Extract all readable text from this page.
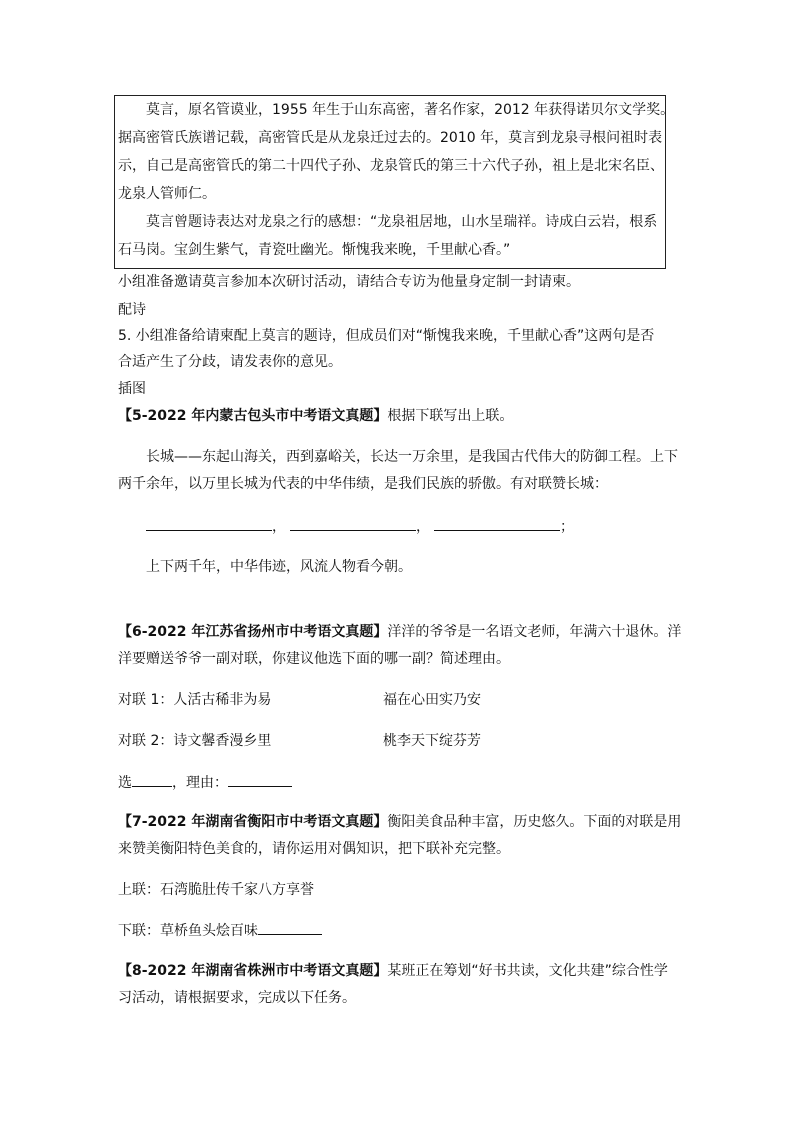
莫言，原名管谟业，1955 年生于山东高密，著名作家，2012 年获得诺贝尔文学奖。
据高密管氏族谱记载，高密管氏是从龙泉迁过去的。2010 年，莫言到龙泉寻根问祖时表
示，自己是高密管氏的第二十四代子孙、龙泉管氏的第三十六代子孙，祖上是北宋名臣、
龙泉人管师仁。
莫言曾题诗表达对龙泉之行的感想：“龙泉祖居地，山水呈瑞祥。诗成白云岩，根系
石马岗。宝剑生紫气，青瓷吐幽光。惭愧我来晚，千里献心香。”
小组准备邀请莫言参加本次研讨活动，请结合专访为他量身定制一封请柬。
配诗
5. 小组准备给请柬配上莫言的题诗，但成员们对“惭愧我来晚，千里献心香”这两句是否
合适产生了分歧，请发表你的意见。
插图
【5-2022 年内蒙古包头市中考语文真题】根据下联写出上联。
长城——东起山海关，西到嘉峪关，长达一万余里，是我国古代伟大的防御工程。上下
两千余年，以万里长城为代表的中华伟绩，是我们民族的骄傲。有对联赞长城：
，	，	；
上下两千年，中华伟迹，风流人物看今朝。
【6-2022 年江苏省扬州市中考语文真题】洋洋的爷爷是一名语文老师，年满六十退休。洋
洋要赠送爷爷一副对联，你建议他选下面的哪一副？简述理由。
对联 1：人活古稀非为易	福在心田实乃安
对联 2：诗文馨香漫乡里	桃李天下绽芬芳
选	，理由：
【7-2022 年湖南省衡阳市中考语文真题】衡阳美食品种丰富，历史悠久。下面的对联是用
来赞美衡阳特色美食的，请你运用对偶知识，把下联补充完整。
上联：石湾脆肚传千家八方享誉
下联：草桥鱼头烩百味
【8-2022 年湖南省株洲市中考语文真题】某班正在筹划“好书共读，文化共建”综合性学
习活动，请根据要求，完成以下任务。
